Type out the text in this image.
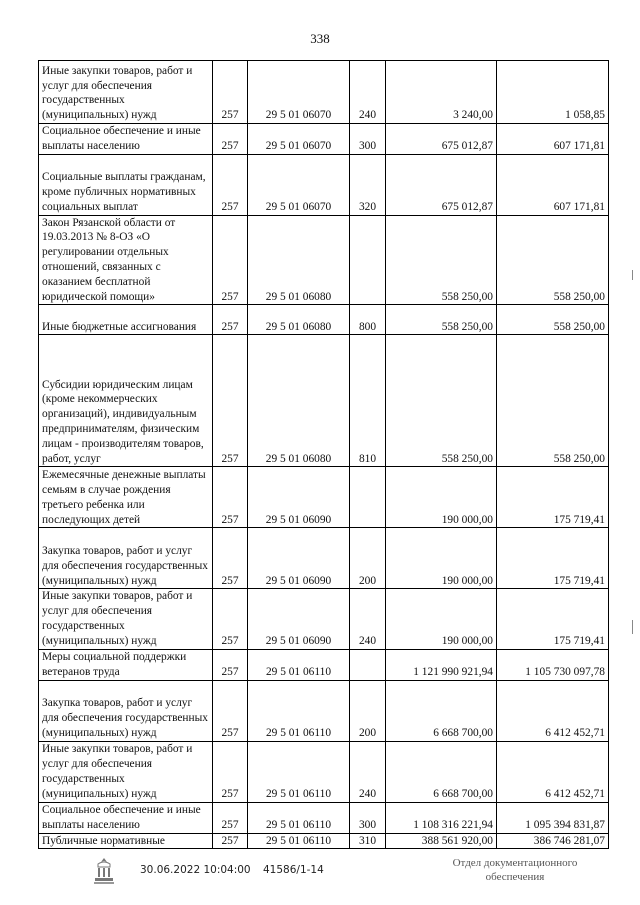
338
Иные закупки товаров, работ и услуг для обеспечения государственных (муниципальных) нужд	257	29 5 01 06070	240	3 240,00	1 058,85
Социальное обеспечение и иные выплаты населению	257	29 5 01 06070	300	675 012,87	607 171,81
Социальные выплаты гражданам, кроме публичных нормативных социальных выплат	257	29 5 01 06070	320	675 012,87	607 171,81
Закон Рязанской области от 19.03.2013 № 8-ОЗ «О регулировании отдельных отношений, связанных с оказанием бесплатной юридической помощи»	257	29 5 01 06080		558 250,00	558 250,00
Иные бюджетные ассигнования	257	29 5 01 06080	800	558 250,00	558 250,00
Субсидии юридическим лицам (кроме некоммерческих организаций), индивидуальным предпринимателям, физическим лицам - производителям товаров, работ, услуг	257	29 5 01 06080	810	558 250,00	558 250,00
Ежемесячные денежные выплаты семьям в случае рождения третьего ребенка или последующих детей	257	29 5 01 06090		190 000,00	175 719,41
Закупка товаров, работ и услуг для обеспечения государственных (муниципальных) нужд	257	29 5 01 06090	200	190 000,00	175 719,41
Иные закупки товаров, работ и услуг для обеспечения государственных (муниципальных) нужд	257	29 5 01 06090	240	190 000,00	175 719,41
Меры социальной поддержки ветеранов труда	257	29 5 01 06110		1 121 990 921,94	1 105 730 097,78
Закупка товаров, работ и услуг для обеспечения государственных (муниципальных) нужд	257	29 5 01 06110	200	6 668 700,00	6 412 452,71
Иные закупки товаров, работ и услуг для обеспечения государственных (муниципальных) нужд	257	29 5 01 06110	240	6 668 700,00	6 412 452,71
Социальное обеспечение и иные выплаты населению	257	29 5 01 06110	300	1 108 316 221,94	1 095 394 831,87
Публичные нормативные	257	29 5 01 06110	310	388 561 920,00	386 746 281,07
30.06.2022 10:04:00 41586/1-14
Отдел документационного
обеспечения
